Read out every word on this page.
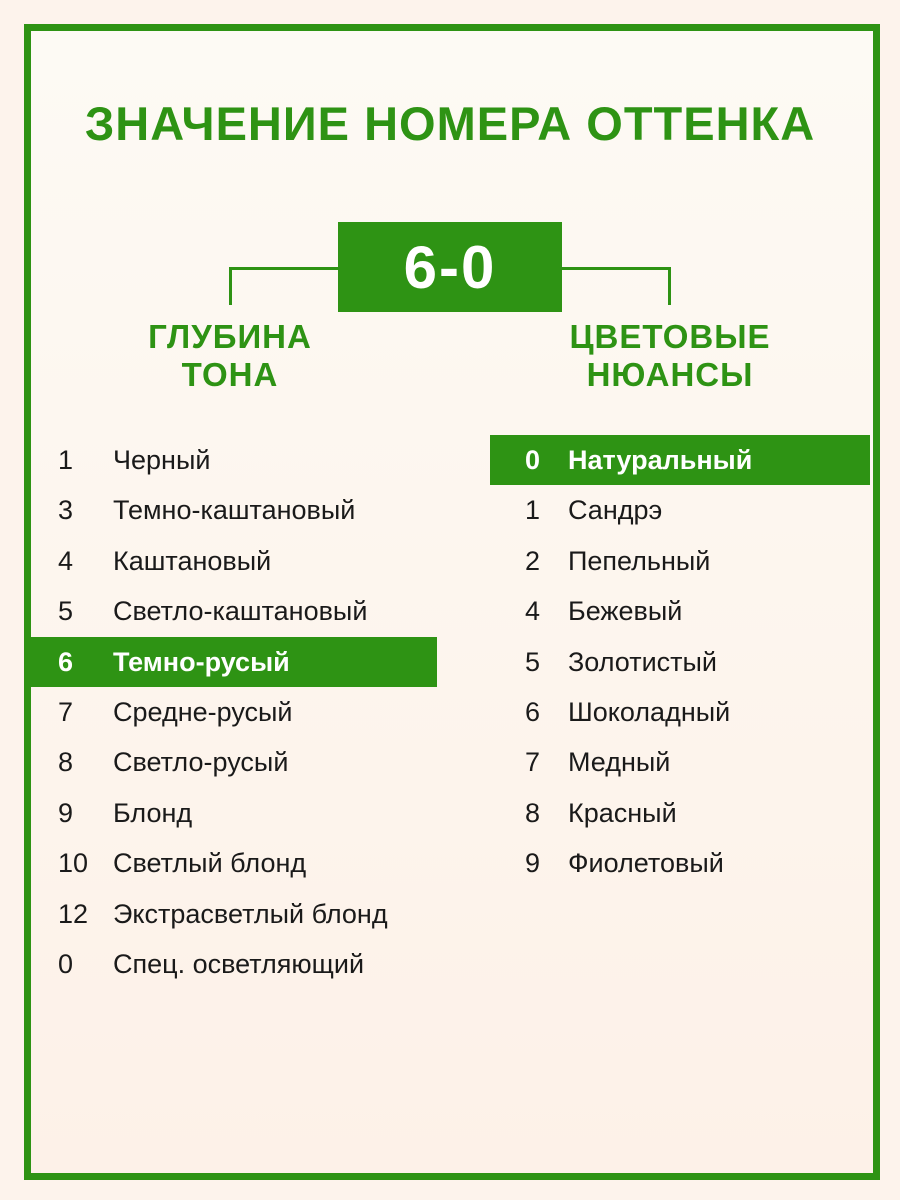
ЗНАЧЕНИЕ НОМЕРА ОТТЕНКА
6-0
ГЛУБИНА
ТОНА
ЦВЕТОВЫЕ
НЮАНСЫ
1 Черный
3 Темно-каштановый
4 Каштановый
5 Светло-каштановый
6 Темно-русый
7 Средне-русый
8 Светло-русый
9 Блонд
10 Светлый блонд
12 Экстрасветлый блонд
0 Спец. осветляющий
0 Натуральный
1 Сандрэ
2 Пепельный
4 Бежевый
5 Золотистый
6 Шоколадный
7 Медный
8 Красный
9 Фиолетовый
